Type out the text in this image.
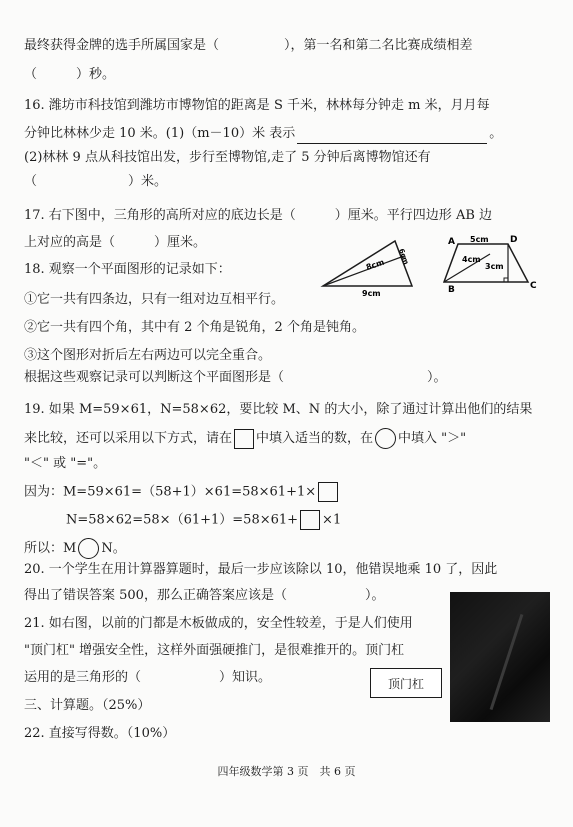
最终获得金牌的选手所属国家是（　　　　　），第一名和第二名比赛成绩相差
（　　　）秒。
16. 潍坊市科技馆到潍坊市博物馆的距离是 S 千米，林林每分钟走 m 米，月月每
分钟比林林少走 10 米。(1)（m－10）米 表示	。
(2)林林 9 点从科技馆出发，步行至博物馆,走了 5 分钟后离博物馆还有
（　　　　　　　）米。
17. 右下图中，三角形的高所对应的底边长是（　　　）厘米。平行四边形 AB 边
上对应的高是（　　　）厘米。
18. 观察一个平面图形的记录如下：
①它一共有四条边，只有一组对边互相平行。
②它一共有四个角，其中有 2 个角是锐角，2 个角是钝角。
③这个图形对折后左右两边可以完全重合。
根据这些观察记录可以判断这个平面图形是（　　　　　　　　　　　）。
6cm
8cm
9cm
5cm
4cm
3cm
A	D
B	C
19. 如果 M=59×61，N=58×62，要比较 M、N 的大小，除了通过计算出他们的结果
来比较，还可以采用以下方式，请在 中填入适当的数，在 中填入 "＞"
"＜" 或 "="。
因为：M=59×61=（58+1）×61=58×61+1×
N=58×62=58×（61+1）=58×61+ ×1
所以：M N。
20. 一个学生在用计算器算题时，最后一步应该除以 10，他错误地乘 10 了，因此
得出了错误答案 500，那么正确答案应该是（　　　　　　）。
21. 如右图，以前的门都是木板做成的，安全性较差，于是人们使用
"顶门杠" 增强安全性，这样外面强硬推门，是很难推开的。顶门杠
运用的是三角形的（　　　　　　）知识。	顶门杠
三、计算题。（25%）
22. 直接写得数。（10%）
四年级数学第 3 页　共 6 页
